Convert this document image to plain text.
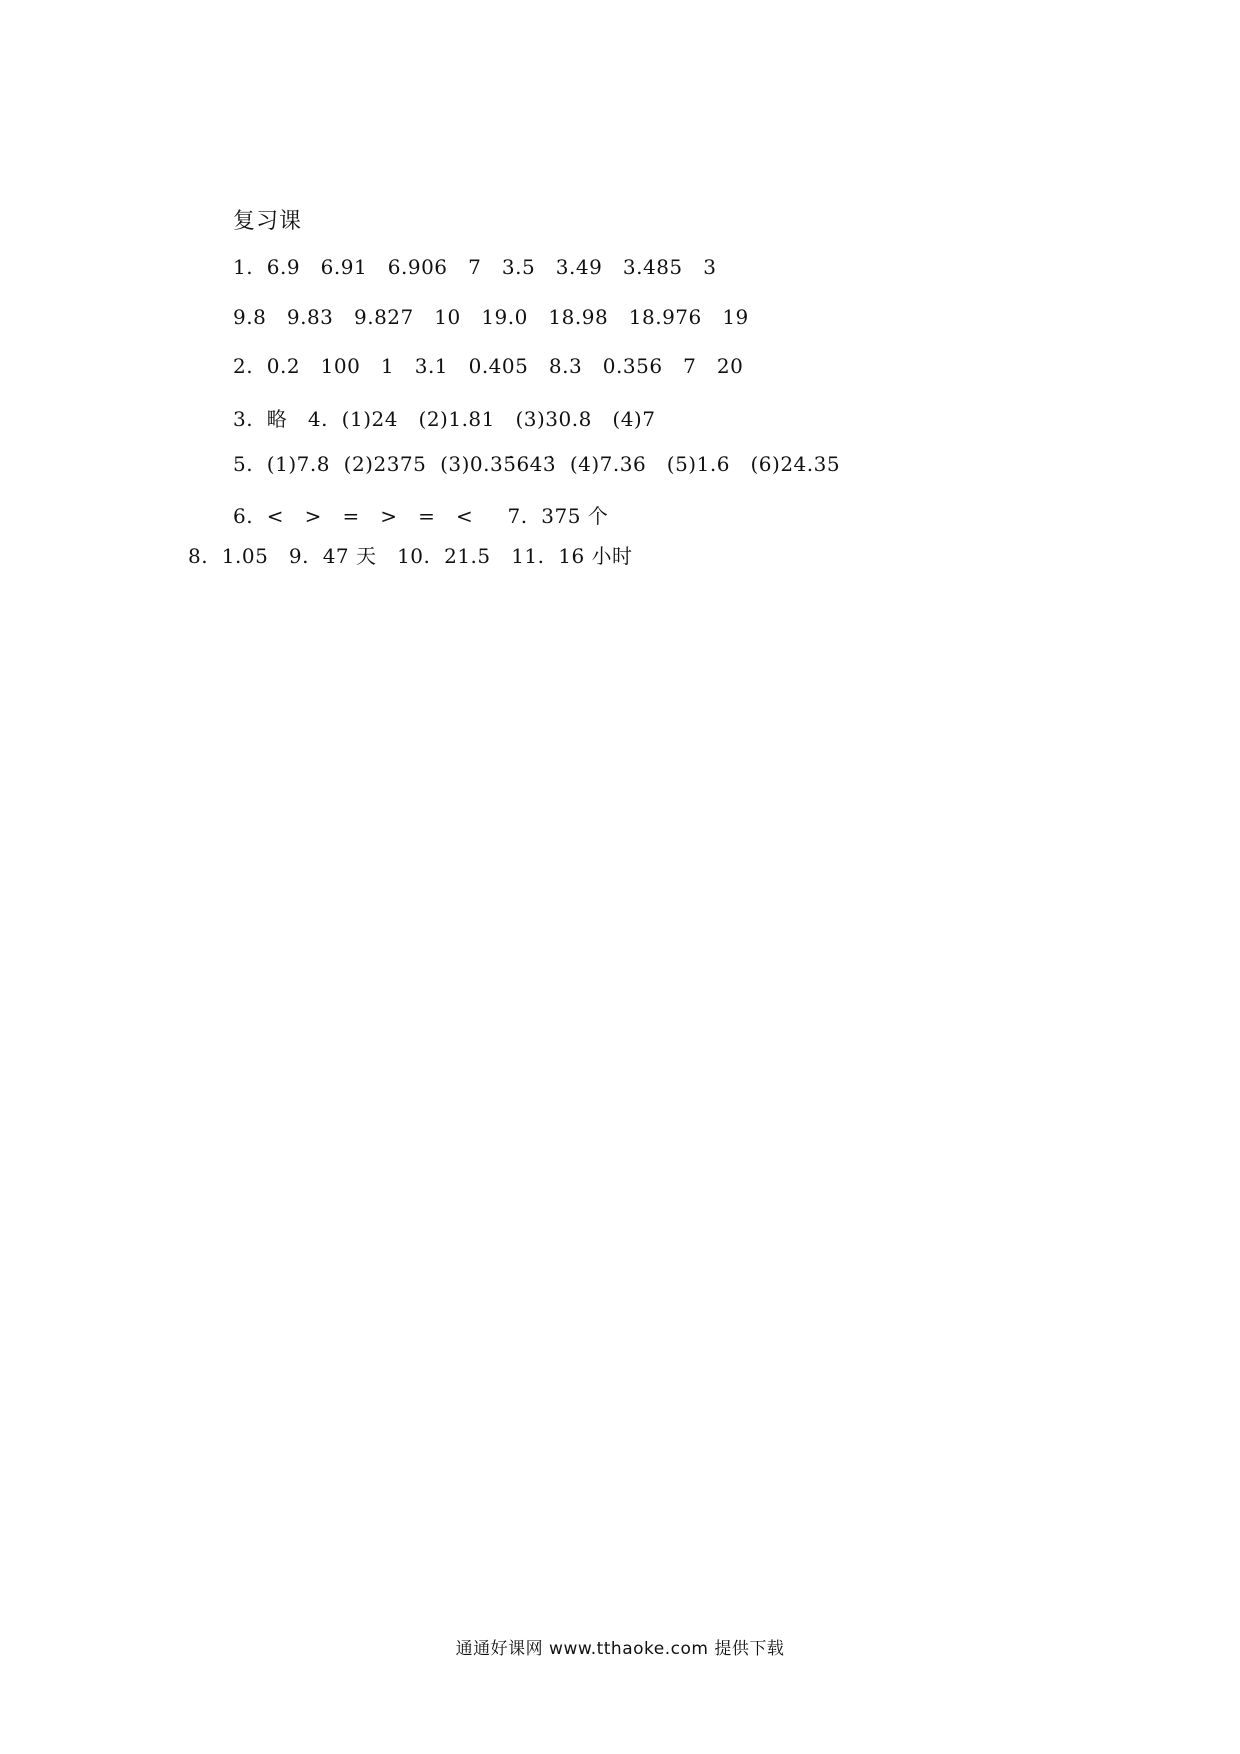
复习课
1.  6.9   6.91   6.906   7   3.5   3.49   3.485   3
9.8   9.83   9.827   10   19.0   18.98   18.976   19
2.  0.2   100   1   3.1   0.405   8.3   0.356   7   20
3.  略   4.  (1)24   (2)1.81   (3)30.8   (4)7
5.  (1)7.8  (2)2375  (3)0.35̇643̇  (4)7.36   (5)1.6   (6)24.35
6.  <   >   =   >   =   <     7.  375 个
8.  1.05   9.  47 天   10.  21.5   11.  16 小时
通通好课网 www.tthaoke.com 提供下载
